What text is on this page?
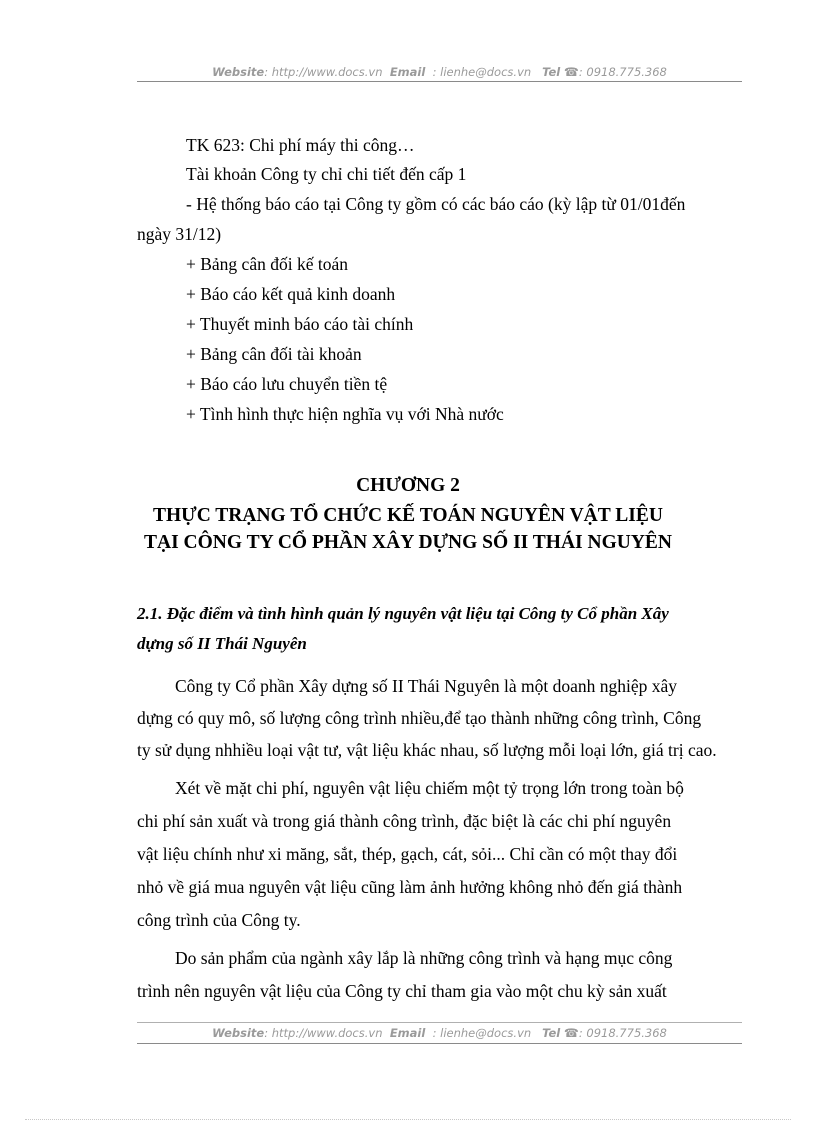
Website: http://www.docs.vn Email : lienhe@docs.vn Tel ☎: 0918.775.368
TK 623: Chi phí máy thi công…
Tài khoản Công ty chỉ chi tiết đến cấp 1
- Hệ thống báo cáo tại Công ty gồm có các báo cáo (kỳ lập từ 01/01đến
ngày 31/12)
+ Bảng cân đối kế toán
+ Báo cáo kết quả kinh doanh
+ Thuyết minh báo cáo tài chính
+ Bảng cân đối tài khoản
+ Báo cáo lưu chuyển tiền tệ
+ Tình hình thực hiện nghĩa vụ với Nhà nước
CHƯƠNG 2
THỰC TRẠNG TỔ CHỨC KẾ TOÁN NGUYÊN VẬT LIỆU
TẠI CÔNG TY CỔ PHẦN XÂY DỰNG SỐ II THÁI NGUYÊN
2.1. Đặc điểm và tình hình quản lý nguyên vật liệu tại Công ty Cổ phần Xây
dựng số II Thái Nguyên
Công ty Cổ phần Xây dựng số II Thái Nguyên là một doanh nghiệp xây
dựng có quy mô, số lượng công trình nhiều,để tạo thành những công trình, Công
ty sử dụng nhhiều loại vật tư, vật liệu khác nhau, số lượng mỗi loại lớn, giá trị cao.
Xét về mặt chi phí, nguyên vật liệu chiếm một tỷ trọng lớn trong toàn bộ
chi phí sản xuất và trong giá thành công trình, đặc biệt là các chi phí nguyên
vật liệu chính như xi măng, sắt, thép, gạch, cát, sỏi... Chỉ cần có một thay đổi
nhỏ về giá mua nguyên vật liệu cũng làm ảnh hưởng không nhỏ đến giá thành
công trình của Công ty.
Do sản phẩm của ngành xây lắp là những công trình và hạng mục công
trình nên nguyên vật liệu của Công ty chỉ tham gia vào một chu kỳ sản xuất
Website: http://www.docs.vn Email : lienhe@docs.vn Tel ☎: 0918.775.368
